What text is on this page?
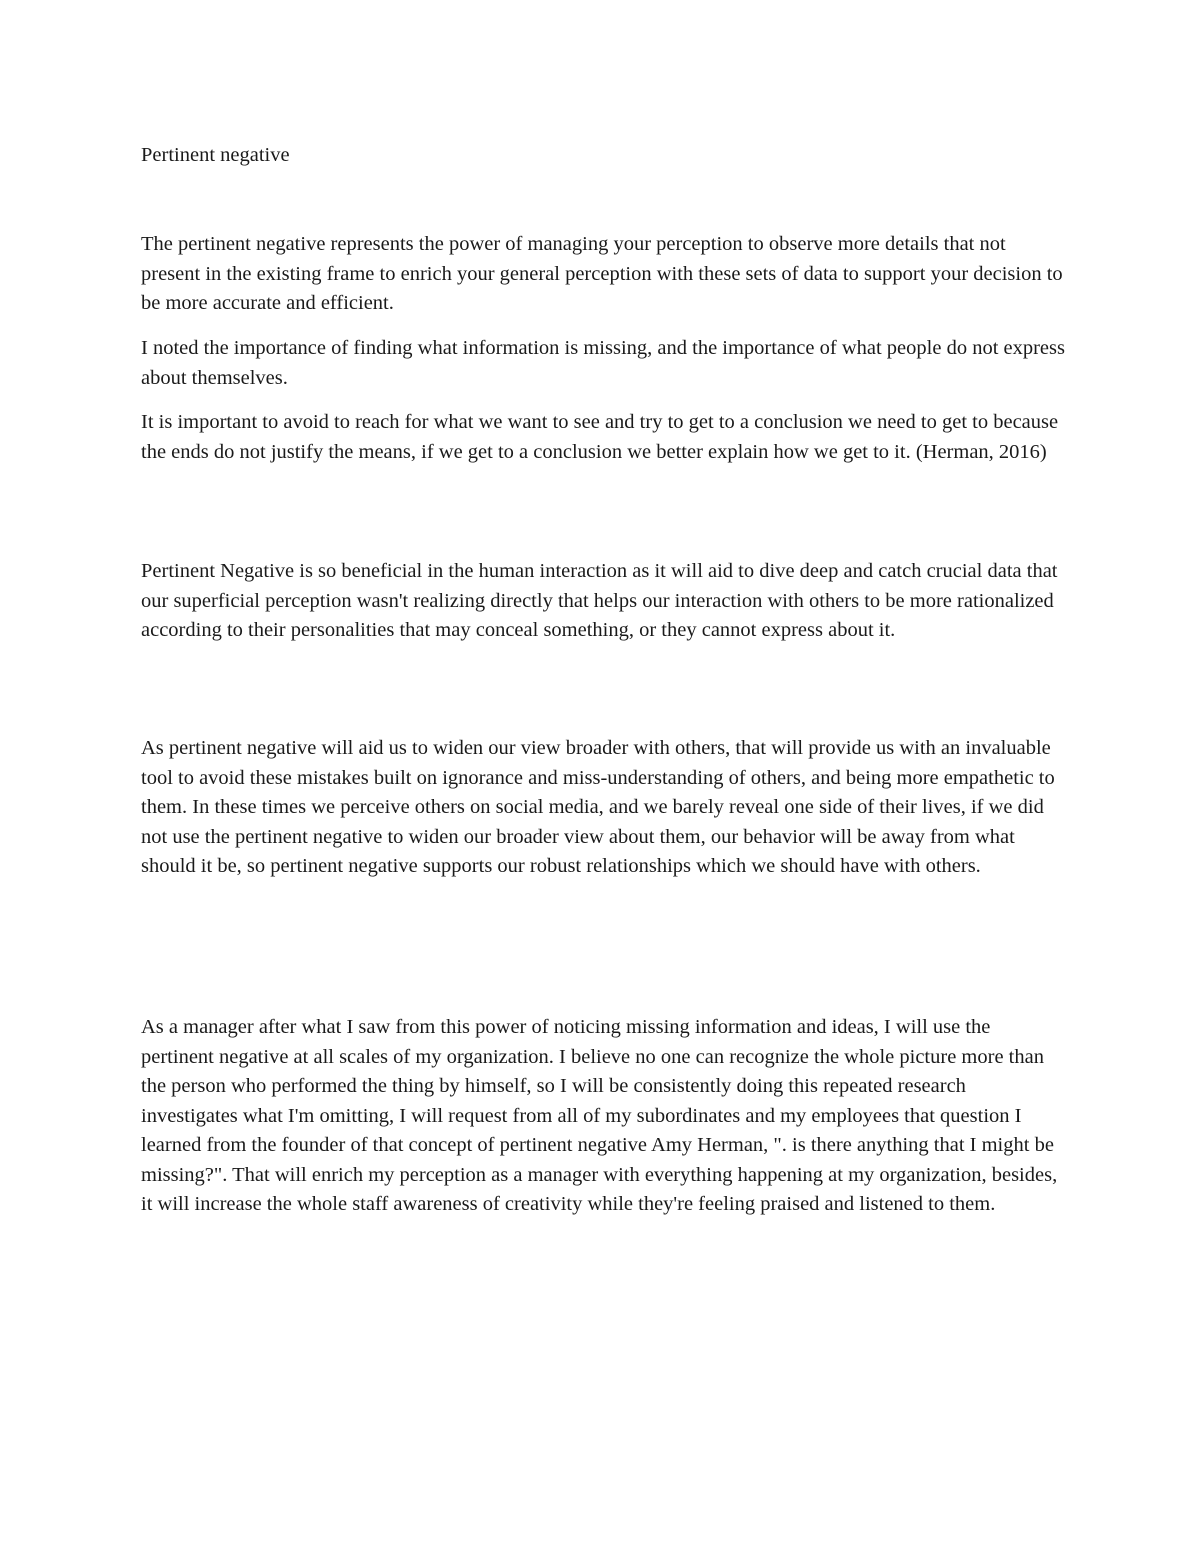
Pertinent negative

The pertinent negative represents the power of managing your perception to observe more details that not present in the existing frame to enrich your general perception with these sets of data to support your decision to be more accurate and efficient.

I noted the importance of finding what information is missing, and the importance of what people do not express about themselves.

It is important to avoid to reach for what we want to see and try to get to a conclusion we need to get to because the ends do not justify the means, if we get to a conclusion we better explain how we get to it. (Herman, 2016)

Pertinent Negative is so beneficial in the human interaction as it will aid to dive deep and catch crucial data that our superficial perception wasn't realizing directly that helps our interaction with others to be more rationalized according to their personalities that may conceal something, or they cannot express about it.

As pertinent negative will aid us to widen our view broader with others, that will provide us with an invaluable tool to avoid these mistakes built on ignorance and miss-understanding of others, and being more empathetic to them. In these times we perceive others on social media, and we barely reveal one side of their lives, if we did not use the pertinent negative to widen our broader view about them, our behavior will be away from what should it be, so pertinent negative supports our robust relationships which we should have with others.

As a manager after what I saw from this power of noticing missing information and ideas, I will use the pertinent negative at all scales of my organization. I believe no one can recognize the whole picture more than the person who performed the thing by himself, so I will be consistently doing this repeated research investigates what I'm omitting, I will request from all of my subordinates and my employees that question I learned from the founder of that concept of pertinent negative Amy Herman, ". is there anything that I might be missing?". That will enrich my perception as a manager with everything happening at my organization, besides, it will increase the whole staff awareness of creativity while they're feeling praised and listened to them.
